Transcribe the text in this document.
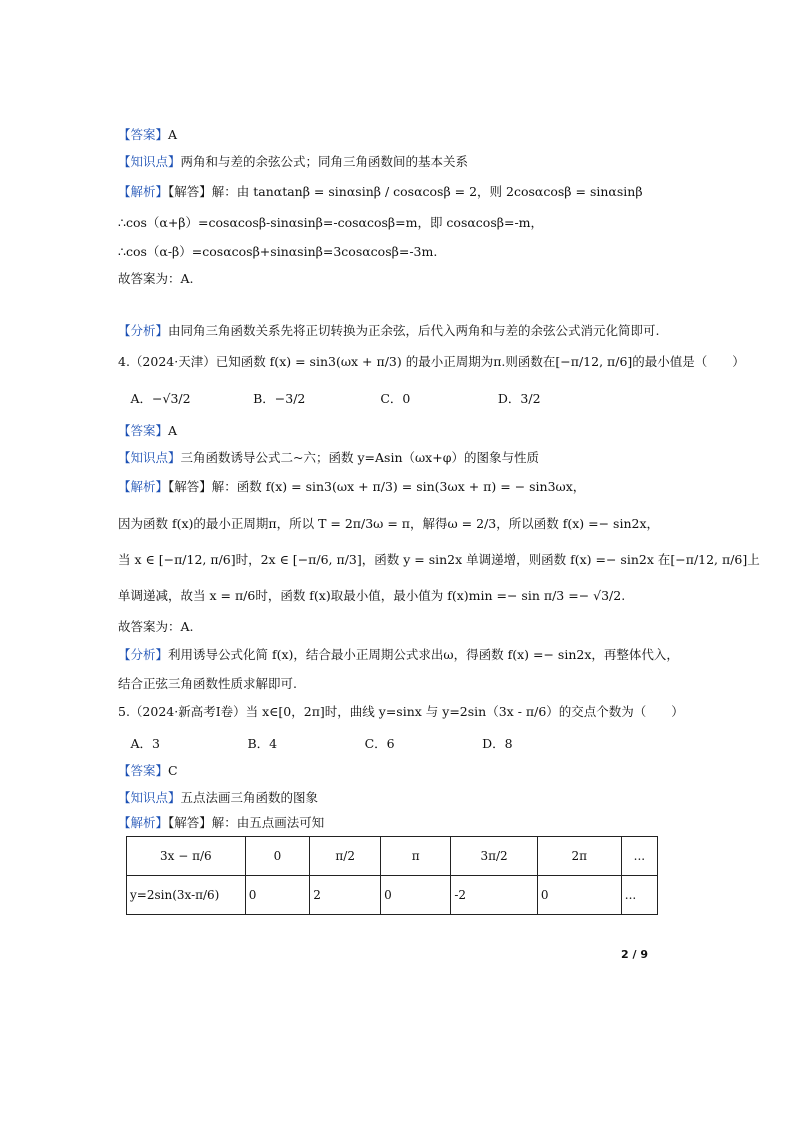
【答案】A
【知识点】两角和与差的余弦公式；同角三角函数间的基本关系
【解析】【解答】解：由 tanαtanβ = sinαsinβ / cosαcosβ = 2，则 2cosαcosβ = sinαsinβ
∴cos（α+β）=cosαcosβ-sinαsinβ=-cosαcosβ=m，即 cosαcosβ=-m，
∴cos（α-β）=cosαcosβ+sinαsinβ=3cosαcosβ=-3m.
故答案为：A.
【分析】由同角三角函数关系先将正切转换为正余弦，后代入两角和与差的余弦公式消元化简即可.
4.（2024·天津）已知函数 f(x) = sin3(ωx + π/3) 的最小正周期为π.则函数在[−π/12, π/6]的最小值是（　　）
　A．−√3/2　　　　　B．−3/2　　　　　　C．0　　　　　　　D．3/2
【答案】A
【知识点】三角函数诱导公式二~六；函数 y=Asin（ωx+φ）的图象与性质
【解析】【解答】解：函数 f(x) = sin3(ωx + π/3) = sin(3ωx + π) = − sin3ωx，
因为函数 f(x)的最小正周期π，所以 T = 2π/3ω = π，解得ω = 2/3，所以函数 f(x) =− sin2x，
当 x ∈ [−π/12, π/6]时，2x ∈ [−π/6, π/3]，函数 y = sin2x 单调递增，则函数 f(x) =− sin2x 在[−π/12, π/6]上
单调递减，故当 x = π/6时，函数 f(x)取最小值，最小值为 f(x)min =− sin π/3 =− √3/2.
故答案为：A.
【分析】利用诱导公式化简 f(x)，结合最小正周期公式求出ω，得函数 f(x) =− sin2x，再整体代入，
结合正弦三角函数性质求解即可.
5.（2024·新高考Ⅰ卷）当 x∈[0，2π]时，曲线 y=sinx 与 y=2sin（3x - π/6）的交点个数为（　　）
　A．3　　　　　　　B．4　　　　　　　C．6　　　　　　　D．8
【答案】C
【知识点】五点法画三角函数的图象
【解析】【解答】解：由五点画法可知
3x − π/6	0	π/2	π	3π/2	2π	...
y=2sin(3x-π/6)	0	2	0	-2	0	...
2 / 9
